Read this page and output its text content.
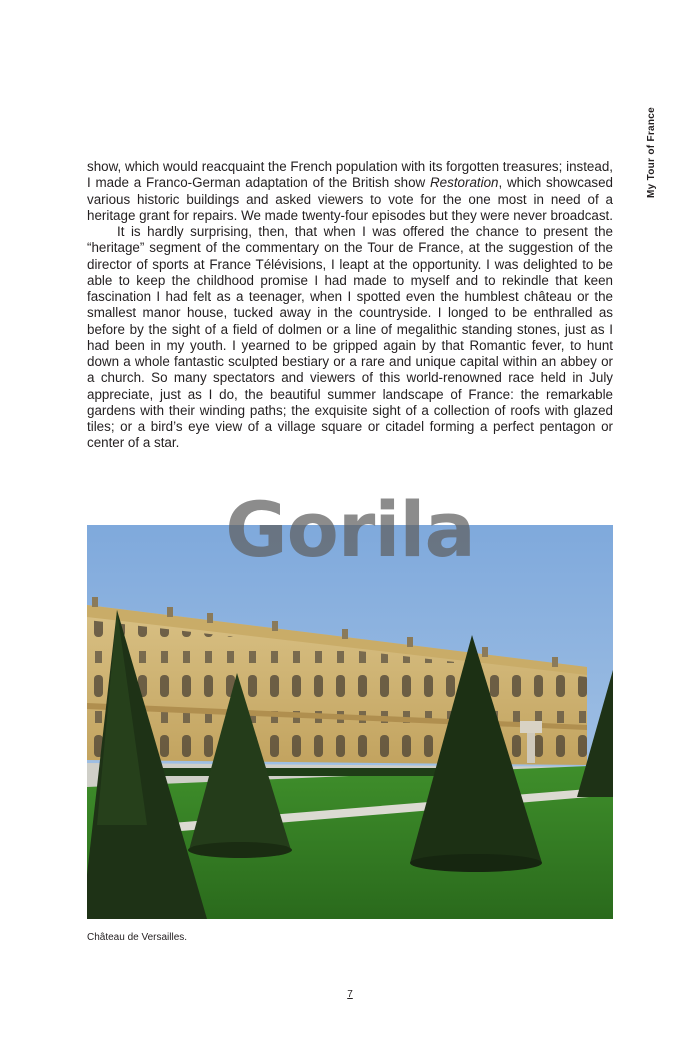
My Tour of France

show, which would reacquaint the French population with its forgotten treasures; instead, I made a Franco-German adaptation of the British show Restoration, which showcased various historic buildings and asked viewers to vote for the one most in need of a heritage grant for repairs. We made twenty-four episodes but they were never broadcast.

It is hardly surprising, then, that when I was offered the chance to present the “heritage” segment of the commentary on the Tour de France, at the suggestion of the director of sports at France Télévisions, I leapt at the opportunity. I was delighted to be able to keep the childhood promise I had made to myself and to rekindle that keen fascination I had felt as a teenager, when I spotted even the humblest château or the smallest manor house, tucked away in the countryside. I longed to be enthralled as before by the sight of a field of dolmen or a line of megalithic standing stones, just as I had been in my youth. I yearned to be gripped again by that Romantic fever, to hunt down a whole fantastic sculpted bestiary or a rare and unique capital within an abbey or a church. So many spectators and viewers of this world-renowned race held in July appreciate, just as I do, the beautiful summer landscape of France: the remarkable gardens with their winding paths; the exquisite sight of a collection of roofs with glazed tiles; or a bird’s eye view of a village square or citadel forming a perfect pentagon or center of a star.

Gorila
Château de Versailles.
7
